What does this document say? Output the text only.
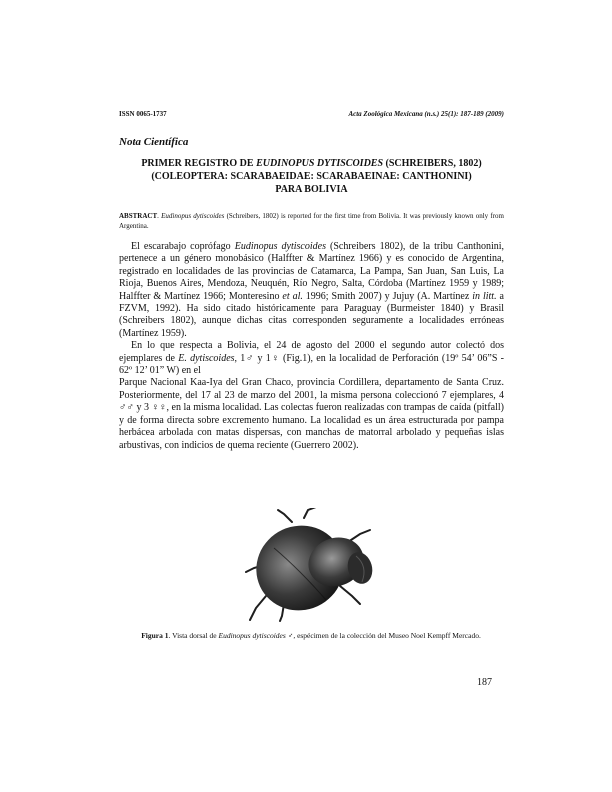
ISSN 0065-1737	Acta Zoológica Mexicana (n.s.) 25(1): 187-189 (2009)
Nota Científica
PRIMER REGISTRO DE EUDINOPUS DYTISCOIDES (SCHREIBERS, 1802)
(COLEOPTERA: SCARABAEIDAE: SCARABAEINAE: CANTHONINI)
PARA BOLIVIA
ABSTRACT. Eudinopus dytiscoides (Schreibers, 1802) is reported for the first time from Bolivia. It was previously known only from Argentina.

El escarabajo coprófago Eudinopus dytiscoides (Schreibers 1802), de la tribu Canthonini, pertenece a un género monobásico (Halffter & Martínez 1966) y es conocido de Argentina, registrado en localidades de las provincias de Catamarca, La Pampa, San Juan, San Luis, La Rioja, Buenos Aires, Mendoza, Neuquén, Río Negro, Salta, Córdoba (Martínez 1959 y 1989; Halffter & Martínez 1966; Monteresino et al. 1996; Smith 2007) y Jujuy (A. Martínez in litt. a FZVM, 1992). Ha sido citado históricamente para Paraguay (Burmeister 1840) y Brasil (Schreibers 1802), aunque dichas citas corresponden seguramente a localidades erróneas (Martínez 1959).

En lo que respecta a Bolivia, el 24 de agosto del 2000 el segundo autor colectó dos ejemplares de E. dytiscoides, 1♂ y 1♀ (Fig.1), en la localidad de Perforación (19º 54’ 06”S - 62º 12’ 01” W) en el

Parque Nacional Kaa-Iya del Gran Chaco, provincia Cordillera, departamento de Santa Cruz. Posteriormente, del 17 al 23 de marzo del 2001, la misma persona coleccionó 7 ejemplares, 4 ♂♂ y 3 ♀♀, en la misma localidad. Las colectas fueron realizadas con trampas de caída (pitfall) y de forma directa sobre excremento humano. La localidad es un área estructurada por pampa herbácea arbolada con matas dispersas, con manchas de matorral arbolado y pequeñas islas arbustivas, con indicios de quema reciente (Guerrero 2002).

Figura 1. Vista dorsal de Eudinopus dytiscoides ♂, espécimen de la colección del Museo Noel Kempff Mercado.
187
